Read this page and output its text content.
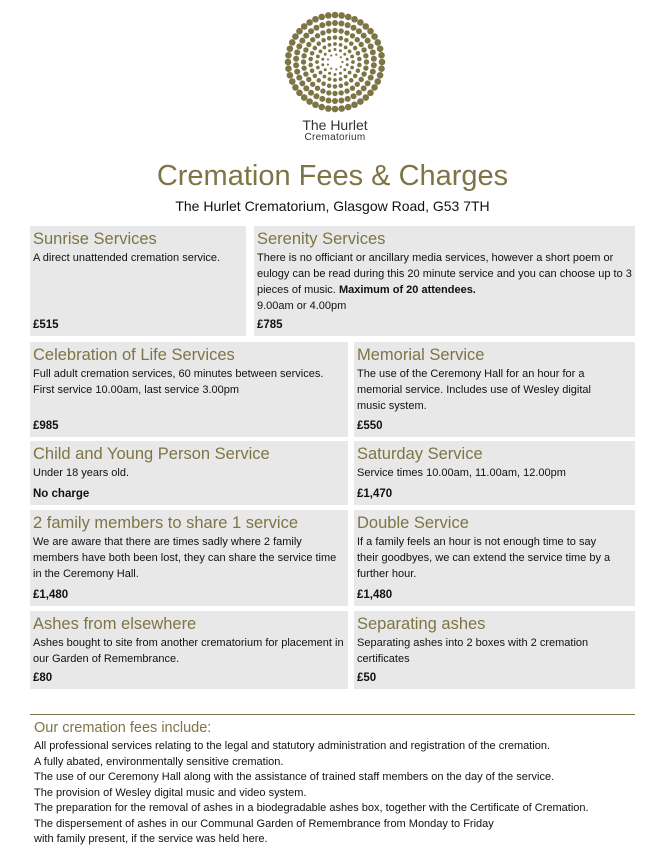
The Hurlet
Crematorium
Cremation Fees & Charges
The Hurlet Crematorium, Glasgow Road, G53 7TH
Sunrise Services
A direct unattended cremation service.
£515
Serenity Services
There is no officiant or ancillary media services, however a short poem or eulogy can be read during this 20 minute service and you can choose up to 3 pieces of music. Maximum of 20 attendees.
9.00am or 4.00pm
£785
Celebration of Life Services
Full adult cremation services, 60 minutes between services.
First service 10.00am, last service 3.00pm
£985
Memorial Service
The use of the Ceremony Hall for an hour for a memorial service. Includes use of Wesley digital music system.
£550
Child and Young Person Service
Under 18 years old.
No charge
Saturday Service
Service times 10.00am, 11.00am, 12.00pm
£1,470
2 family members to share 1 service
We are aware that there are times sadly where 2 family members have both been lost, they can share the service time in the Ceremony Hall.
£1,480
Double Service
If a family feels an hour is not enough time to say their goodbyes, we can extend the service time by a further hour.
£1,480
Ashes from elsewhere
Ashes bought to site from another crematorium for placement in our Garden of Remembrance.
£80
Separating ashes
Separating ashes into 2 boxes with 2 cremation certificates
£50
Our cremation fees include:
All professional services relating to the legal and statutory administration and registration of the cremation.
A fully abated, environmentally sensitive cremation.
The use of our Ceremony Hall along with the assistance of trained staff members on the day of the service.
The provision of Wesley digital music and video system.
The preparation for the removal of ashes in a biodegradable ashes box, together with the Certificate of Cremation.
The dispersement of ashes in our Communal Garden of Remembrance from Monday to Friday
with family present, if the service was held here.
